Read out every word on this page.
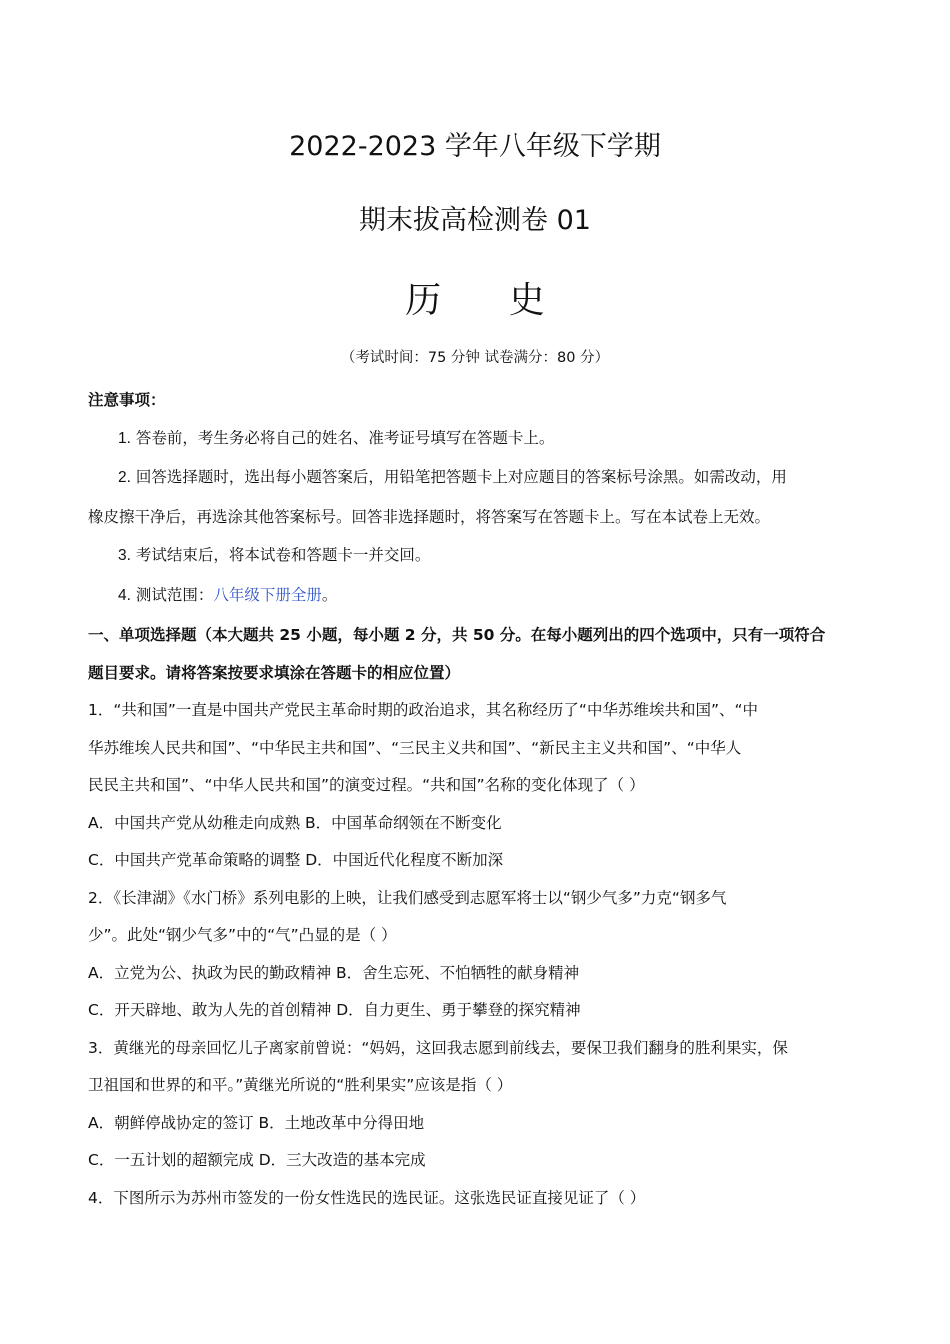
2022-2023 学年八年级下学期
期末拔高检测卷 01
历 史
（考试时间：75 分钟 试卷满分：80 分）
注意事项：
1. 答卷前，考生务必将自己的姓名、准考证号填写在答题卡上。
2. 回答选择题时，选出每小题答案后，用铅笔把答题卡上对应题目的答案标号涂黑。如需改动，用
橡皮擦干净后，再选涂其他答案标号。回答非选择题时，将答案写在答题卡上。写在本试卷上无效。
3. 考试结束后，将本试卷和答题卡一并交回。
4. 测试范围：八年级下册全册。
一、单项选择题（本大题共 25 小题，每小题 2 分，共 50 分。在每小题列出的四个选项中，只有一项符合
题目要求。请将答案按要求填涂在答题卡的相应位置）
1．“共和国”一直是中国共产党民主革命时期的政治追求，其名称经历了“中华苏维埃共和国”、“中
华苏维埃人民共和国”、“中华民主共和国”、“三民主义共和国”、“新民主主义共和国”、“中华人
民民主共和国”、“中华人民共和国”的演变过程。“共和国”名称的变化体现了（ ）
A．中国共产党从幼稚走向成熟 B．中国革命纲领在不断变化
C．中国共产党革命策略的调整 D．中国近代化程度不断加深
2．《长津湖》《水门桥》系列电影的上映，让我们感受到志愿军将士以“钢少气多”力克“钢多气
少”。此处“钢少气多”中的“气”凸显的是（ ）
A．立党为公、执政为民的勤政精神 B．舍生忘死、不怕牺牲的献身精神
C．开天辟地、敢为人先的首创精神 D．自力更生、勇于攀登的探究精神
3．黄继光的母亲回忆儿子离家前曾说：“妈妈，这回我志愿到前线去，要保卫我们翻身的胜利果实，保
卫祖国和世界的和平。”黄继光所说的“胜利果实”应该是指（ ）
A．朝鲜停战协定的签订 B．土地改革中分得田地
C．一五计划的超额完成 D．三大改造的基本完成
4．下图所示为苏州市签发的一份女性选民的选民证。这张选民证直接见证了（ ）
